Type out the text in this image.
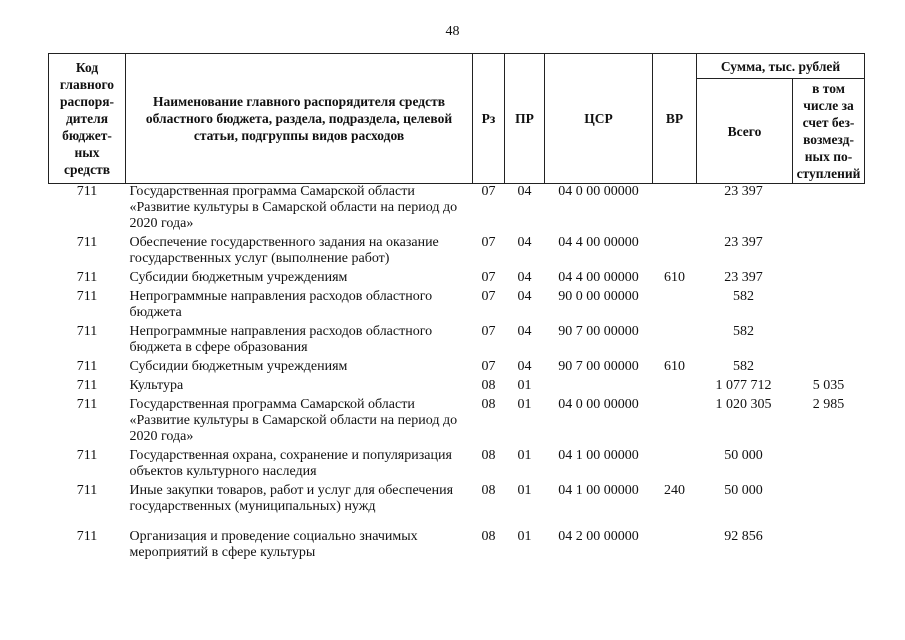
48
Код главного распоря-дителя бюджет-ных средств	Наименование главного распорядителя средств областного бюджета, раздела, подраздела, целевой статьи, подгруппы видов расходов	Рз	ПР	ЦСР	ВР	Сумма, тыс. рублей	
						Всего	в том числе за счет без-возмезд-ных по-ступлений
711	Государственная программа Самарской области «Развитие культуры в Самарской области на период до 2020 года»	07	04	04 0 00 00000		23 397	
711	Обеспечение государственного задания на оказание государственных услуг (выполнение работ)	07	04	04 4 00 00000		23 397	
711	Субсидии бюджетным учреждениям	07	04	04 4 00 00000	610	23 397	
711	Непрограммные направления расходов областного бюджета	07	04	90 0 00 00000		582	
711	Непрограммные направления расходов областного бюджета в сфере образования	07	04	90 7 00 00000		582	
711	Субсидии бюджетным учреждениям	07	04	90 7 00 00000	610	582	
711	Культура	08	01			1 077 712	5 035
711	Государственная программа Самарской области «Развитие культуры в Самарской области на период до 2020 года»	08	01	04 0 00 00000		1 020 305	2 985
711	Государственная охрана, сохранение и популяризация объектов культурного наследия	08	01	04 1 00 00000		50 000	
711	Иные закупки товаров, работ и услуг для обеспечения государственных (муниципальных) нужд	08	01	04 1 00 00000	240	50 000	
711	Организация и проведение социально значимых мероприятий в сфере культуры	08	01	04 2 00 00000		92 856	
